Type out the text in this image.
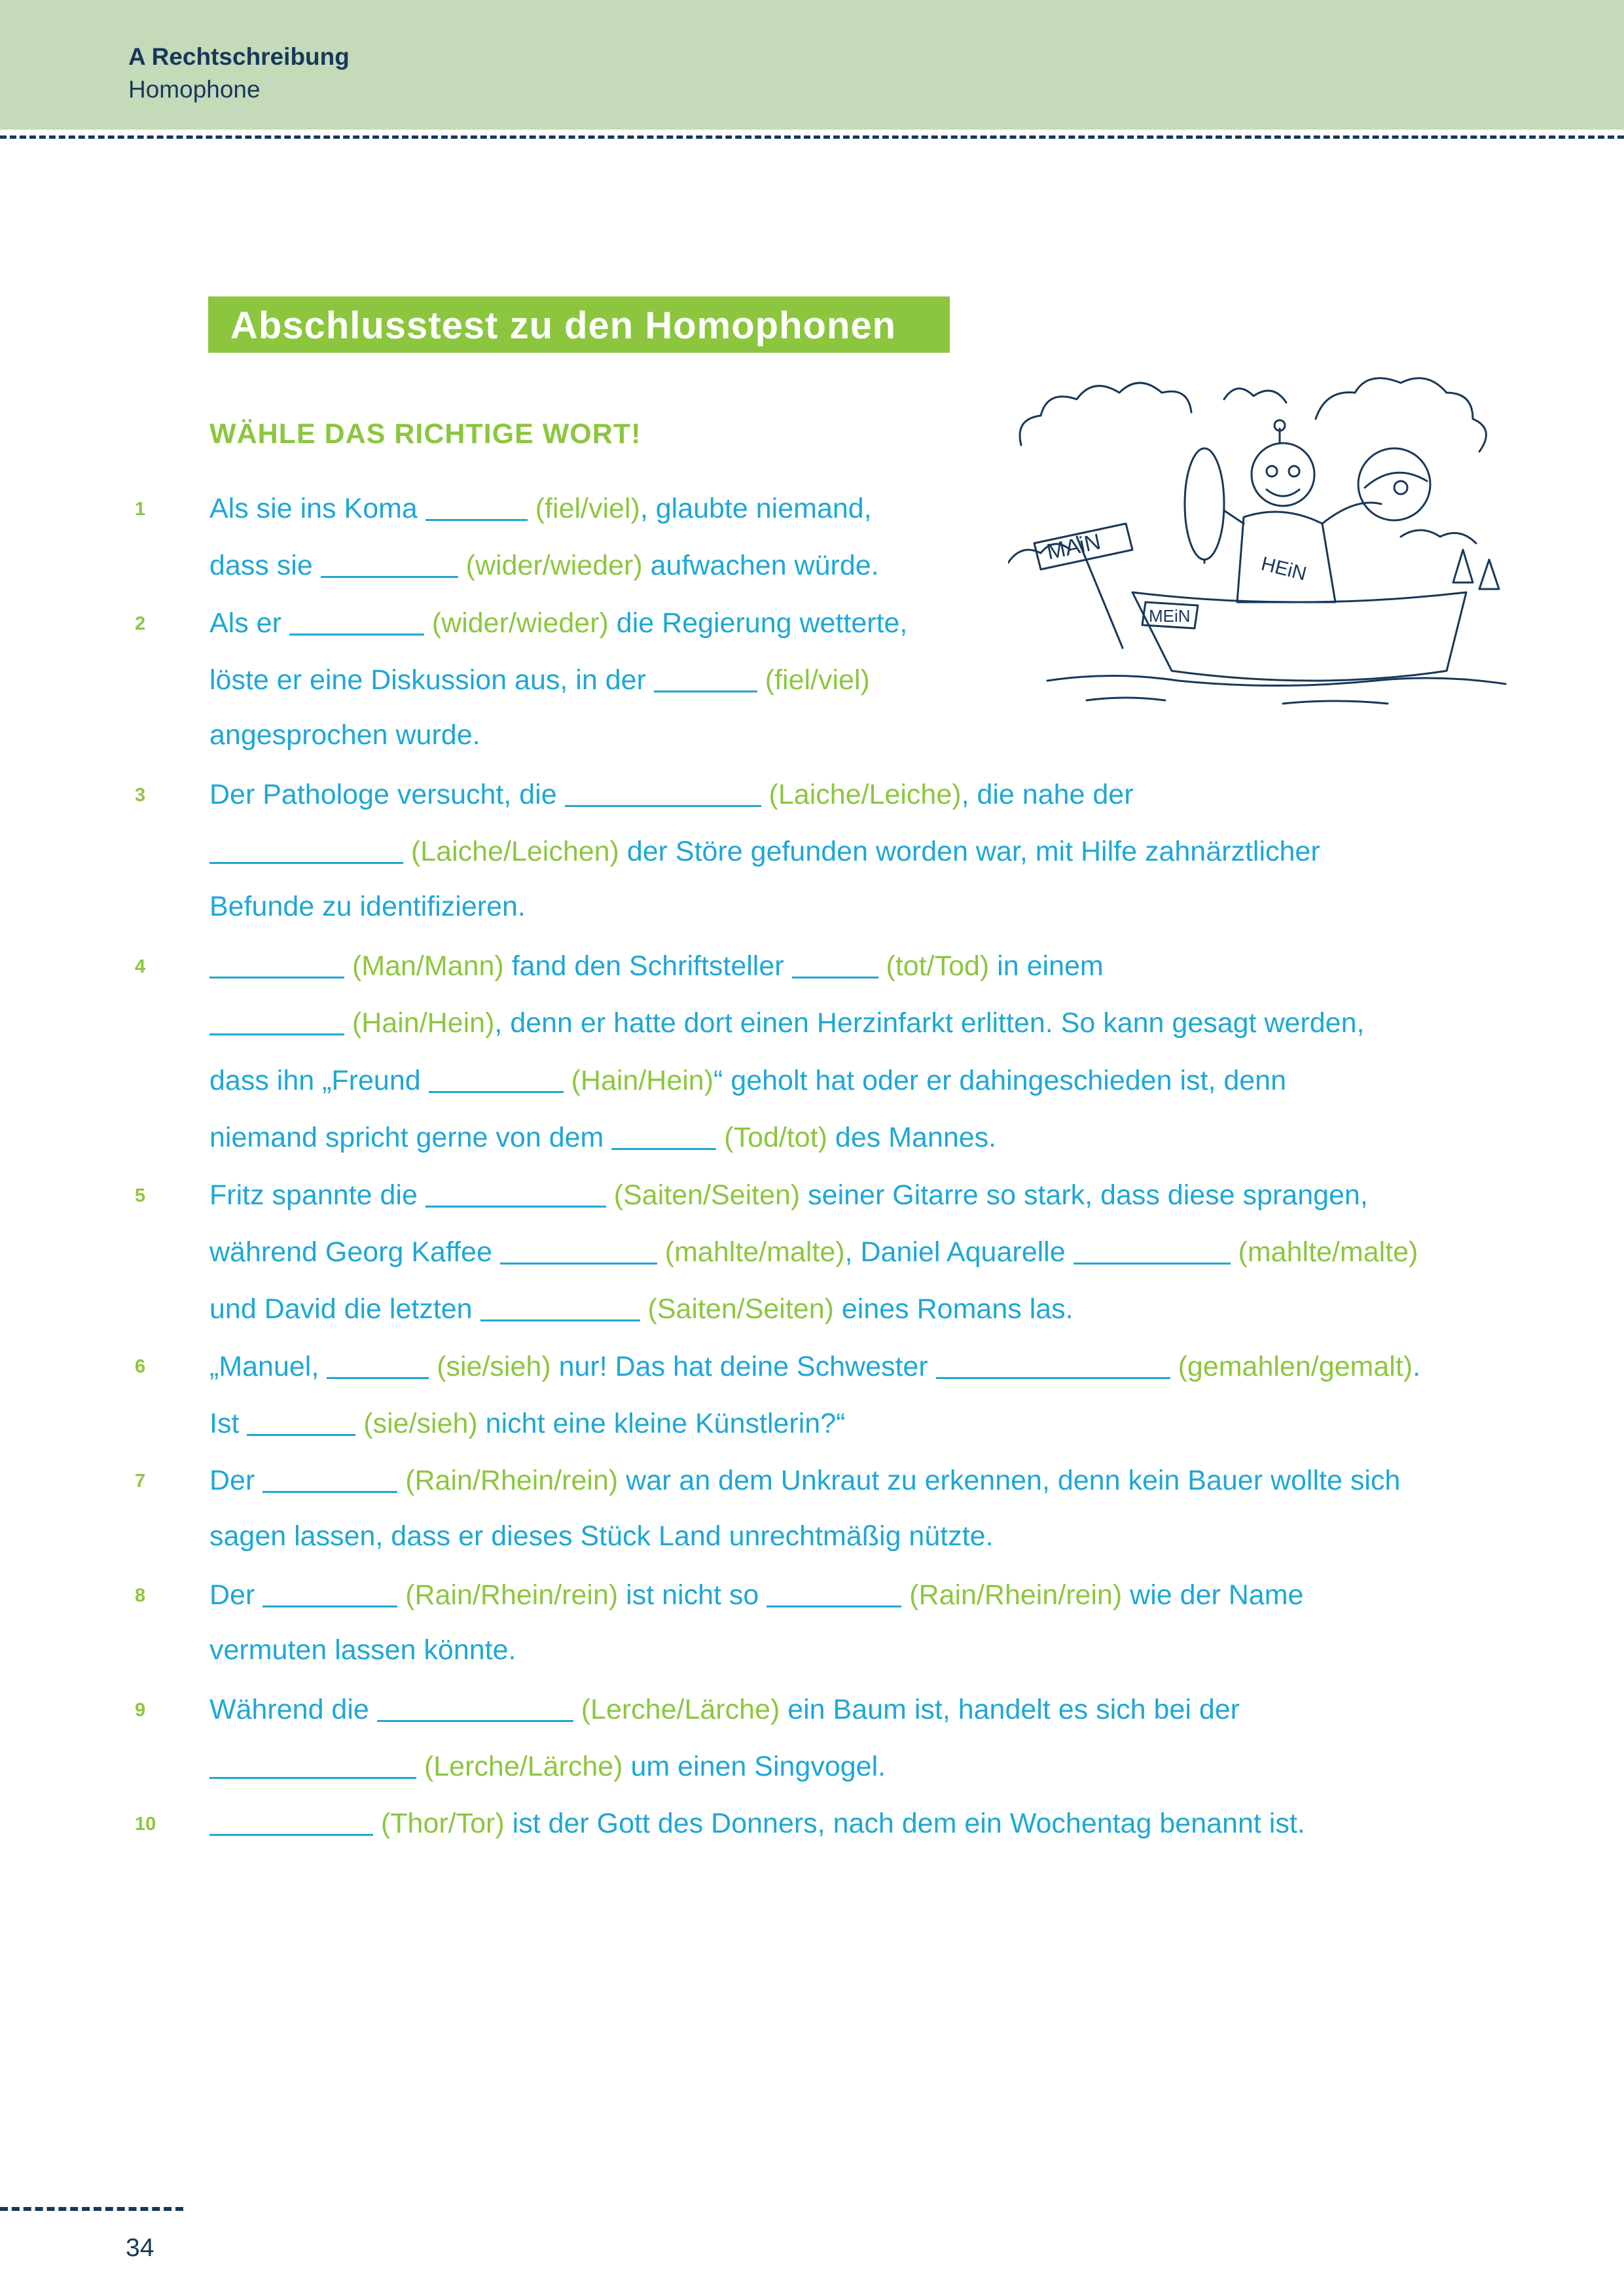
A Rechtschreibung
Homophone
Abschlusstest zu den Homophonen
WÄHLE DAS RICHTIGE WORT!
MAiN
HEiN
MEiN
1
2
3
4
5
6
7
8
9
10
Als sie ins Koma	(fiel/viel), glaubte niemand,
dass sie	(wider/wieder) aufwachen würde.
Als er	(wider/wieder) die Regierung wetterte,
löste er eine Diskussion aus, in der	(fiel/viel)
angesprochen wurde.
Der Pathologe versucht, die	(Laiche/Leiche), die nahe der
(Laiche/Leichen) der Störe gefunden worden war, mit Hilfe zahnärztlicher
Befunde zu identifizieren.
(Man/Mann) fand den Schriftsteller	(tot/Tod) in einem
(Hain/Hein), denn er hatte dort einen Herzinfarkt erlitten. So kann gesagt werden,
dass ihn „Freund	(Hain/Hein)“ geholt hat oder er dahingeschieden ist, denn
niemand spricht gerne von dem	(Tod/tot) des Mannes.
Fritz spannte die	(Saiten/Seiten) seiner Gitarre so stark, dass diese sprangen,
während Georg Kaffee	(mahlte/malte), Daniel Aquarelle	(mahlte/malte)
und David die letzten	(Saiten/Seiten) eines Romans las.
„Manuel,	(sie/sieh) nur! Das hat deine Schwester	(gemahlen/gemalt).
Ist	(sie/sieh) nicht eine kleine Künstlerin?“
Der	(Rain/Rhein/rein) war an dem Unkraut zu erkennen, denn kein Bauer wollte sich
sagen lassen, dass er dieses Stück Land unrechtmäßig nützte.
Der	(Rain/Rhein/rein) ist nicht so	(Rain/Rhein/rein) wie der Name
vermuten lassen könnte.
Während die	(Lerche/Lärche) ein Baum ist, handelt es sich bei der
(Lerche/Lärche) um einen Singvogel.
(Thor/Tor) ist der Gott des Donners, nach dem ein Wochentag benannt ist.
34
